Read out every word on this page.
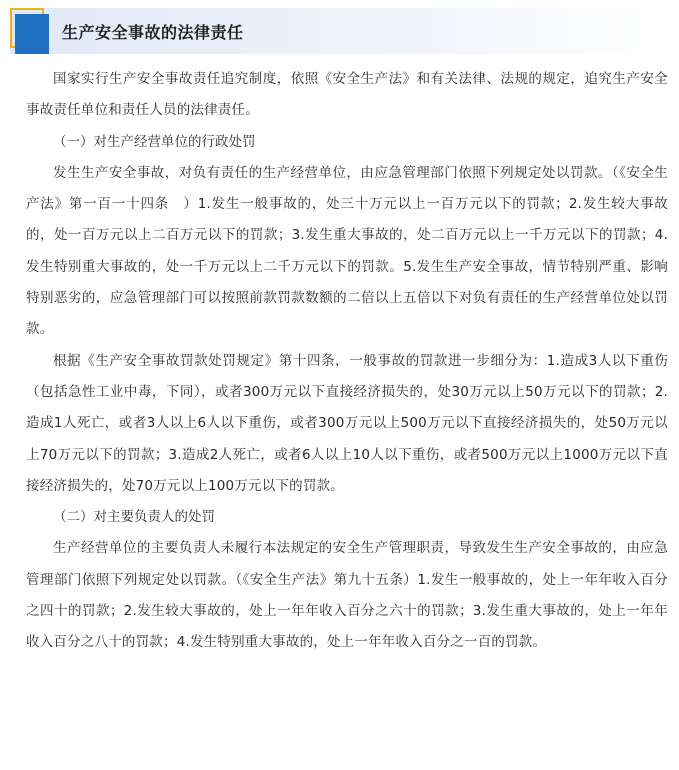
生产安全事故的法律责任

国家实行生产安全事故责任追究制度，依照《安全生产法》和有关法律、法规的规定，追究生产安全事故责任单位和责任人员的法律责任。

（一）对生产经营单位的行政处罚

发生生产安全事故，对负有责任的生产经营单位，由应急管理部门依照下列规定处以罚款。（《安全生产法》第一百一十四条　）1.发生一般事故的，处三十万元以上一百万元以下的罚款；2.发生较大事故的，处一百万元以上二百万元以下的罚款；3.发生重大事故的，处二百万元以上一千万元以下的罚款；4.发生特别重大事故的，处一千万元以上二千万元以下的罚款。5.发生生产安全事故，情节特别严重、影响特别恶劣的，应急管理部门可以按照前款罚款数额的二倍以上五倍以下对负有责任的生产经营单位处以罚款。

根据《生产安全事故罚款处罚规定》第十四条，一般事故的罚款进一步细分为：1.造成3人以下重伤（包括急性工业中毒，下同），或者300万元以下直接经济损失的，处30万元以上50万元以下的罚款；2.造成1人死亡，或者3人以上6人以下重伤，或者300万元以上500万元以下直接经济损失的，处50万元以上70万元以下的罚款；3.造成2人死亡，或者6人以上10人以下重伤，或者500万元以上1000万元以下直接经济损失的，处70万元以上100万元以下的罚款。

（二）对主要负责人的处罚

生产经营单位的主要负责人未履行本法规定的安全生产管理职责，导致发生生产安全事故的，由应急管理部门依照下列规定处以罚款。（《安全生产法》第九十五条）1.发生一般事故的，处上一年年收入百分之四十的罚款；2.发生较大事故的，处上一年年收入百分之六十的罚款；3.发生重大事故的，处上一年年收入百分之八十的罚款；4.发生特别重大事故的，处上一年年收入百分之一百的罚款。
